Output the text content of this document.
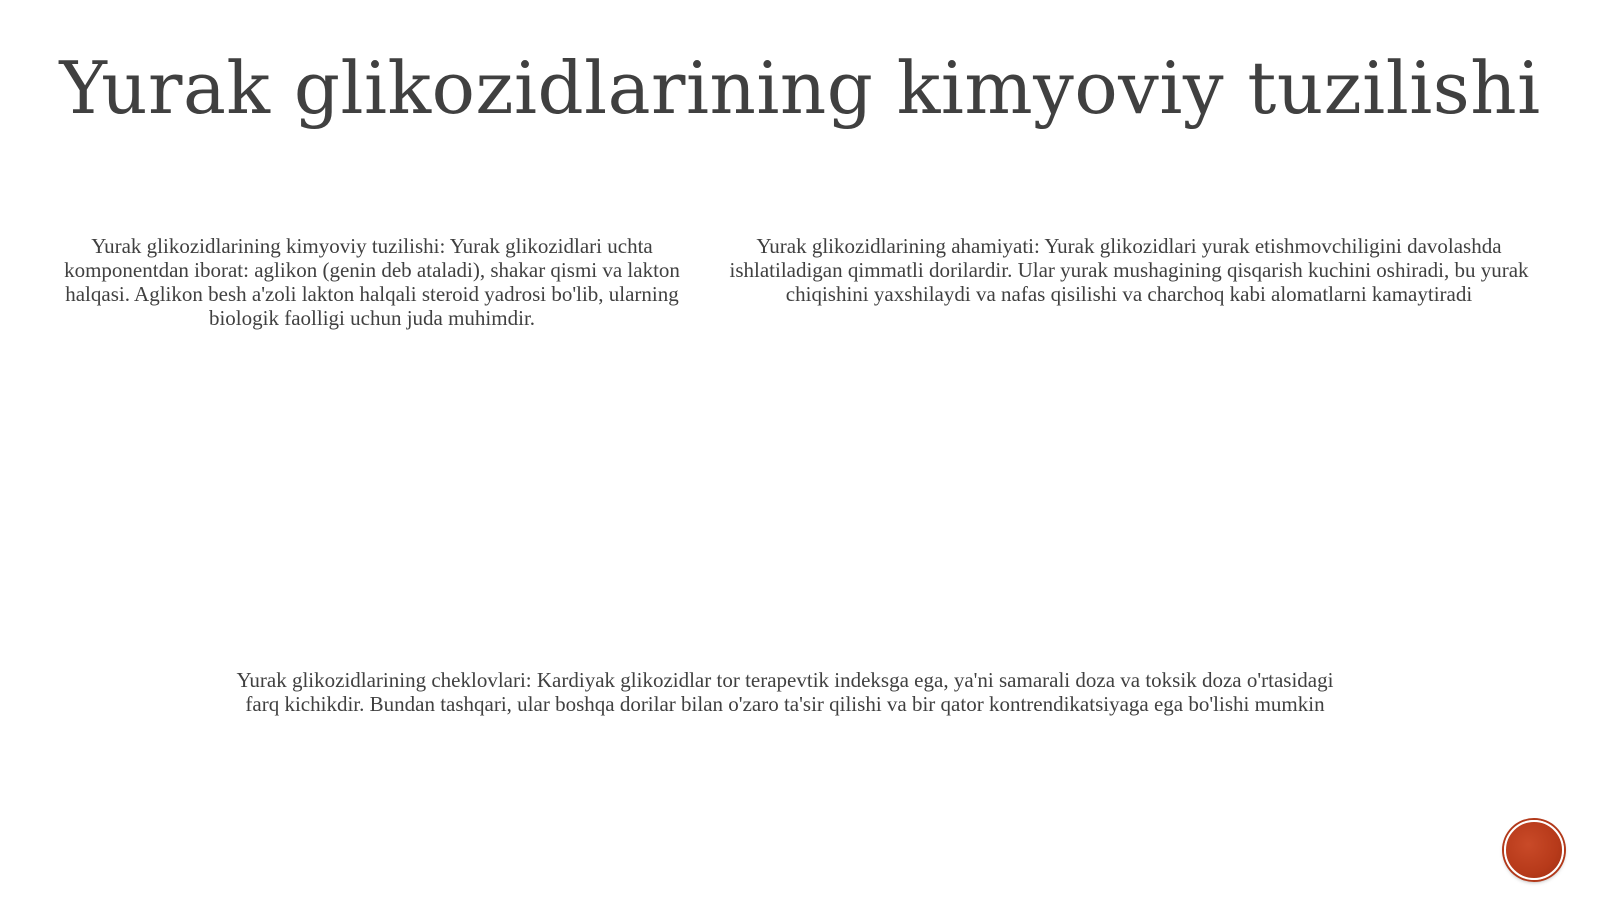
Yurak glikozidlarining kimyoviy tuzilishi

Yurak glikozidlarining kimyoviy tuzilishi: Yurak glikozidlari uchta komponentdan iborat: aglikon (genin deb ataladi), shakar qismi va lakton halqasi. Aglikon besh a'zoli lakton halqali steroid yadrosi bo'lib, ularning biologik faolligi uchun juda muhimdir.

Yurak glikozidlarining ahamiyati: Yurak glikozidlari yurak etishmovchiligini davolashda ishlatiladigan qimmatli dorilardir. Ular yurak mushagining qisqarish kuchini oshiradi, bu yurak chiqishini yaxshilaydi va nafas qisilishi va charchoq kabi alomatlarni kamaytiradi

Yurak glikozidlarining cheklovlari: Kardiyak glikozidlar tor terapevtik indeksga ega, ya'ni samarali doza va toksik doza o'rtasidagi farq kichikdir. Bundan tashqari, ular boshqa dorilar bilan o'zaro ta'sir qilishi va bir qator kontrendikatsiyaga ega bo'lishi mumkin
